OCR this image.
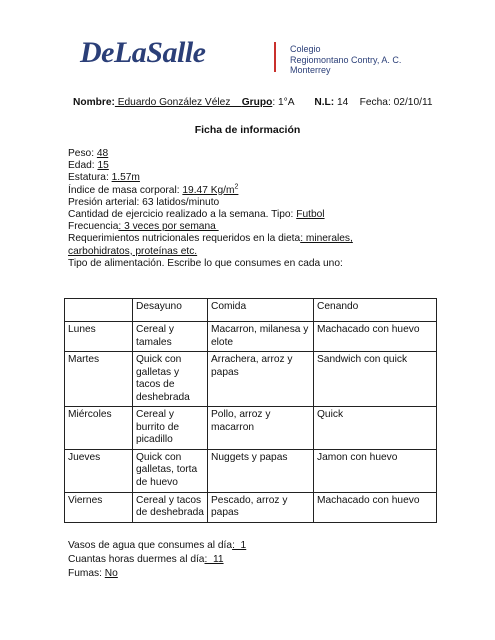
DeLaSalle	Colegio
Regiomontano Contry, A. C.
Monterrey
Nombre: Eduardo González Vélez    Grupo: 1°A N.L: 14 Fecha: 02/10/11
Ficha de información
Peso: 48
Edad: 15
Estatura: 1.57m
Índice de masa corporal: 19.47 $Kg/m^2$
Presión arterial: 63 latidos/minuto
Cantidad de ejercicio realizado a la semana. Tipo: Futbol
Frecuencia: 3 veces por semana
Requerimientos nutricionales requeridos en la dieta: minerales, carbohidratos, proteínas etc.
Tipo de alimentación. Escribe lo que consumes en cada uno:
	Desayuno	Comida	Cenando
Lunes	Cereal y tamales	Macarron, milanesa y elote	Machacado con huevo
Martes	Quick con galletas y tacos de deshebrada	Arrachera, arroz y papas	Sandwich con quick
Miércoles	Cereal y burrito de picadillo	Pollo, arroz y macarron	Quick
Jueves	Quick con galletas, torta de huevo	Nuggets y papas	Jamon con huevo
Viernes	Cereal y tacos de deshebrada	Pescado, arroz y papas	Machacado con huevo
Vasos de agua que consumes al día:  1
Cuantas horas duermes al día:  11
Fumas: No
